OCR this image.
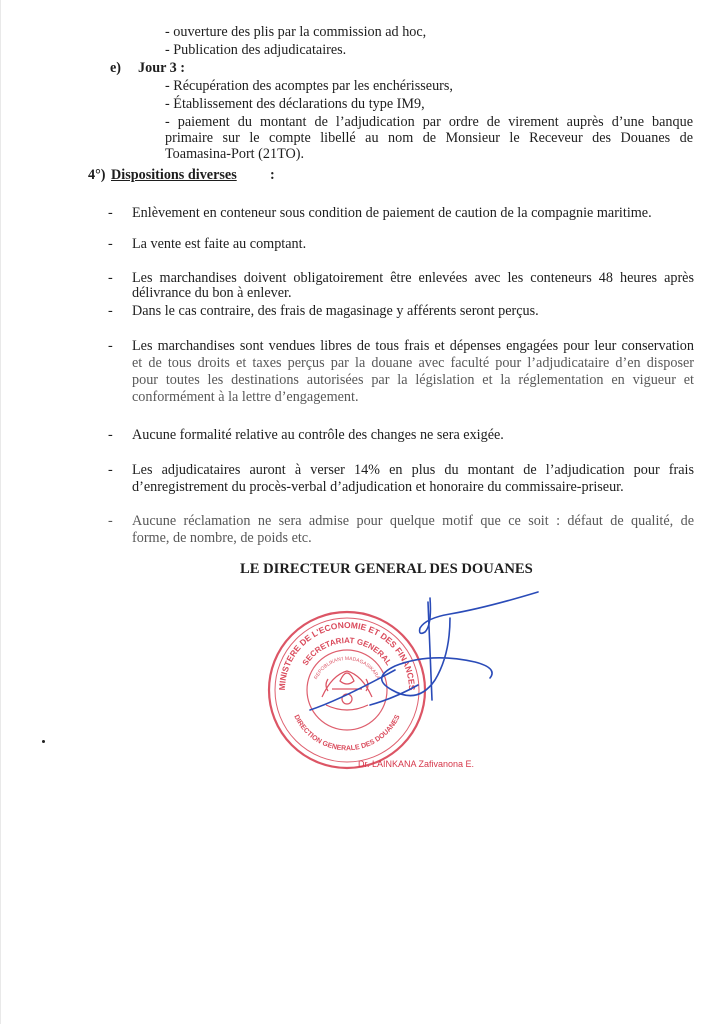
- ouverture des plis par la commission ad hoc,
- Publication des adjudicataires.
e) Jour 3 :
- Récupération des acomptes par les enchérisseurs,
- Établissement des déclarations du type IM9,
- paiement du montant de l’adjudication par ordre de virement auprès d’une banque
primaire sur le compte libellé au nom de Monsieur le Receveur des Douanes de
Toamasina-Port (21TO).
4°) Dispositions diverses :
- Enlèvement en conteneur sous condition de paiement de caution de la compagnie maritime.
- La vente est faite au comptant.
- Les marchandises doivent obligatoirement être enlevées avec les conteneurs 48 heures après
délivrance du bon à enlever.
- Dans le cas contraire, des frais de magasinage y afférents seront perçus.
- Les marchandises sont vendues libres de tous frais et dépenses engagées pour leur conservation
et de tous droits et taxes perçus par la douane avec faculté pour l’adjudicataire d’en disposer
pour toutes les destinations autorisées par la législation et la réglementation en vigueur et
conformément à la lettre d’engagement.
- Aucune formalité relative au contrôle des changes ne sera exigée.
- Les adjudicataires auront à verser 14% en plus du montant de l’adjudication pour frais
d’enregistrement du procès-verbal d’adjudication et honoraire du commissaire-priseur.
- Aucune réclamation ne sera admise pour quelque motif que ce soit : défaut de qualité, de
forme, de nombre, de poids etc.
LE DIRECTEUR GENERAL DES DOUANES
MINISTERE DE L'ECONOMIE ET DES FINANCES
SECRETARIAT GENERAL
REPOBLIKAN'I MADAGASIKARA
DIRECTION GENERALE DES DOUANES
Dr. LAINKANA Zafivanona E.
